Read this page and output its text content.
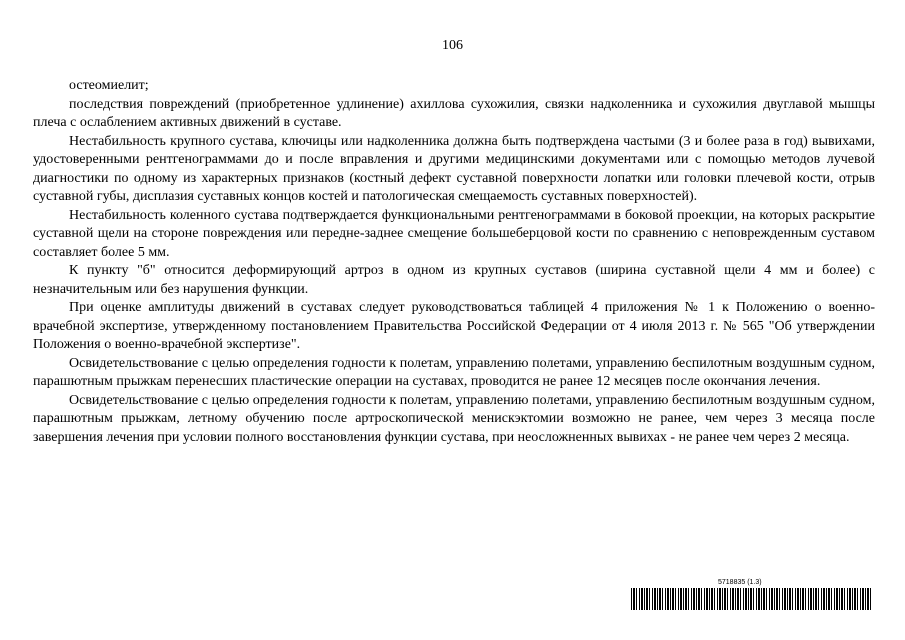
106

остеомиелит;

последствия повреждений (приобретенное удлинение) ахиллова сухожилия, связки надколенника и сухожилия двуглавой мышцы плеча с ослаблением активных движений в суставе.

Нестабильность крупного сустава, ключицы или надколенника должна быть подтверждена частыми (3 и более раза в год) вывихами, удостоверенными рентгенограммами до и после вправления и другими медицинскими документами или с помощью методов лучевой диагностики по одному из характерных признаков (костный дефект суставной поверхности лопатки или головки плечевой кости, отрыв суставной губы, дисплазия суставных концов костей и патологическая смещаемость суставных поверхностей).

Нестабильность коленного сустава подтверждается функциональными рентгенограммами в боковой проекции, на которых раскрытие суставной щели на стороне повреждения или передне-заднее смещение большеберцовой кости по сравнению с неповрежденным суставом составляет более 5 мм.

К пункту "б" относится деформирующий артроз в одном из крупных суставов (ширина суставной щели 4 мм и более) с незначительным или без нарушения функции.

При оценке амплитуды движений в суставах следует руководствоваться таблицей 4 приложения № 1 к Положению о военно-врачебной экспертизе, утвержденному постановлением Правительства Российской Федерации от 4 июля 2013 г. № 565 "Об утверждении Положения о военно-врачебной экспертизе".

Освидетельствование с целью определения годности к полетам, управлению полетами, управлению беспилотным воздушным судном, парашютным прыжкам перенесших пластические операции на суставах, проводится не ранее 12 месяцев после окончания лечения.

Освидетельствование с целью определения годности к полетам, управлению полетами, управлению беспилотным воздушным судном, парашютным прыжкам, летному обучению после артроскопической менискэктомии возможно не ранее, чем через 3 месяца после завершения лечения при условии полного восстановления функции сустава, при неосложненных вывихах - не ранее чем через 2 месяца.

5718835 (1.3)
